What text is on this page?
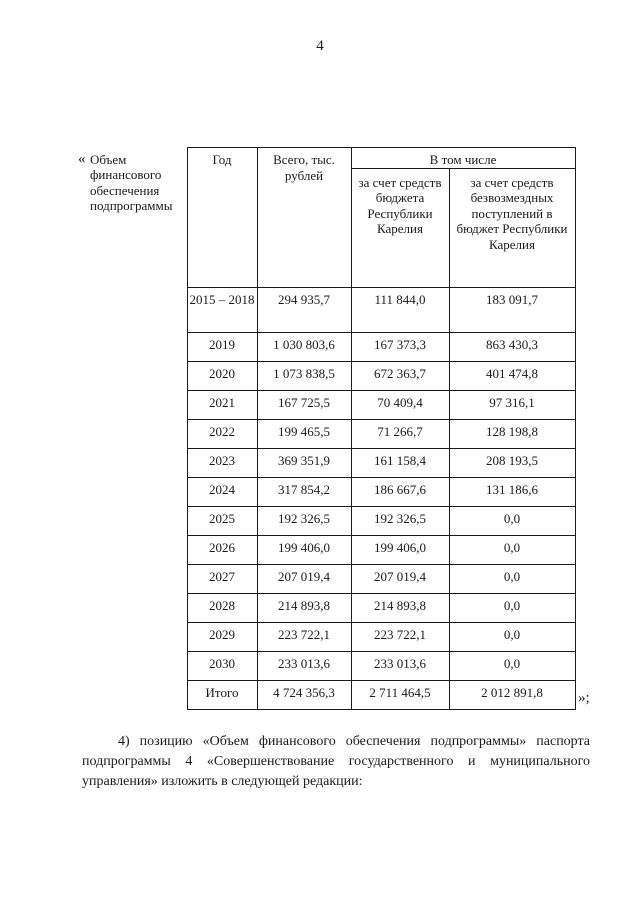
4
« Объем финансового обеспечения подпрограммы	Год	Всего, тыс. рублей	В том числе	
			за счет средств бюджета Республики Карелия	за счет средств безвозмездных поступлений в бюджет Республики Карелия
	2015 – 2018	294 935,7	111 844,0	183 091,7
	2019	1 030 803,6	167 373,3	863 430,3
	2020	1 073 838,5	672 363,7	401 474,8
	2021	167 725,5	70 409,4	97 316,1
	2022	199 465,5	71 266,7	128 198,8
	2023	369 351,9	161 158,4	208 193,5
	2024	317 854,2	186 667,6	131 186,6
	2025	192 326,5	192 326,5	0,0
	2026	199 406,0	199 406,0	0,0
	2027	207 019,4	207 019,4	0,0
	2028	214 893,8	214 893,8	0,0
	2029	223 722,1	223 722,1	0,0
	2030	233 013,6	233 013,6	0,0
	Итого	4 724 356,3	2 711 464,5	2 012 891,8 »;
4) позицию «Объем финансового обеспечения подпрограммы» паспорта подпрограммы 4 «Совершенствование государственного и муниципального управления» изложить в следующей редакции:
